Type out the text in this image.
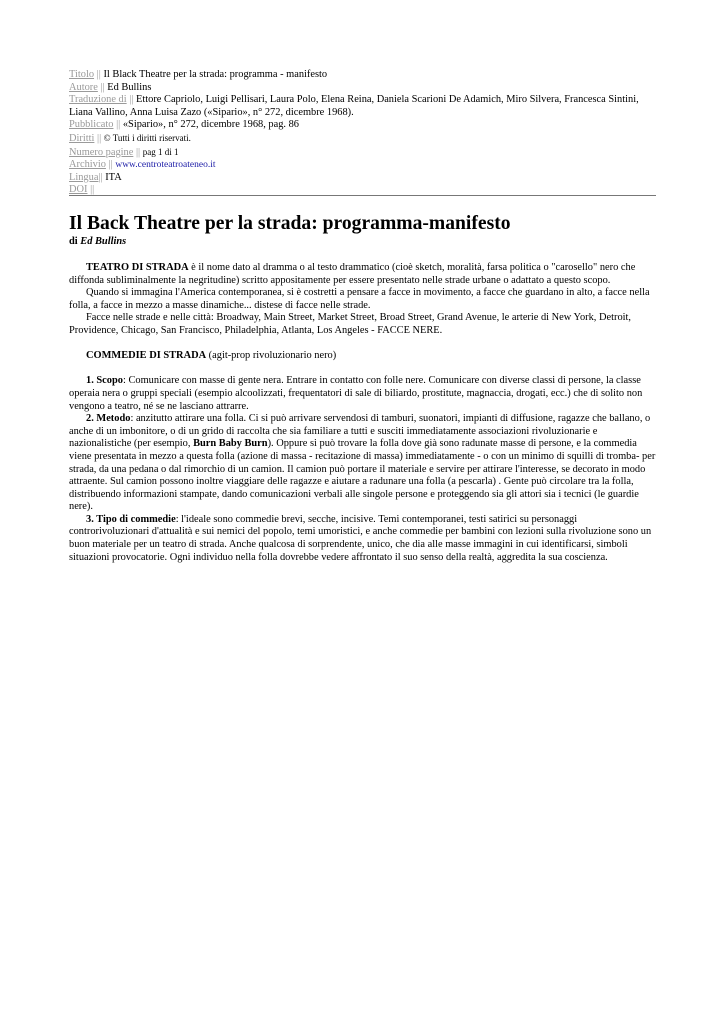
Titolo || Il Black Theatre per la strada: programma - manifesto
Autore || Ed Bullins
Traduzione di || Ettore Capriolo, Luigi Pellisari, Laura Polo, Elena Reina, Daniela Scarioni De Adamich, Miro Silvera, Francesca Sintini, Liana Vallino, Anna Luisa Zazo («Sipario», n° 272, dicembre 1968).
Pubblicato || «Sipario», n° 272, dicembre 1968, pag. 86
Diritti || © Tutti i diritti riservati.
Numero pagine || pag 1 di 1
Archivio || www.centroteatroateneo.it
Lingua|| ITA
DOI ||
Il Back Theatre per la strada: programma-manifesto
di Ed Bullins

TEATRO DI STRADA è il nome dato al dramma o al testo drammatico (cioè sketch, moralità, farsa politica o "carosello" nero che diffonda subliminalmente la negritudine) scritto appositamente per essere presentato nelle strade urbane o adattato a questo scopo.

Quando si immagina l'America contemporanea, si è costretti a pensare a facce in movimento, a facce che guardano in alto, a facce nella folla, a facce in mezzo a masse dinamiche... distese di facce nelle strade.

Facce nelle strade e nelle città: Broadway, Main Street, Market Street, Broad Street, Grand Avenue, le arterie di New York, Detroit, Providence, Chicago, San Francisco, Philadelphia, Atlanta, Los Angeles - FACCE NERE.

COMMEDIE DI STRADA (agit-prop rivoluzionario nero)

1. Scopo: Comunicare con masse di gente nera. Entrare in contatto con folle nere. Comunicare con diverse classi di persone, la classe operaia nera o gruppi speciali (esempio alcoolizzati, frequentatori di sale di biliardo, prostitute, magnaccia, drogati, ecc.) che di solito non vengono a teatro, né se ne lasciano attrarre.

2. Metodo: anzitutto attirare una folla. Ci si può arrivare servendosi di tamburi, suonatori, impianti di diffusione, ragazze che ballano, o anche di un imbonitore, o di un grido di raccolta che sia familiare a tutti e susciti immediatamente associazioni rivoluzionarie e nazionalistiche (per esempio, Burn Baby Burn). Oppure si può trovare la folla dove già sono radunate masse di persone, e la commedia viene presentata in mezzo a questa folla (azione di massa - recitazione di massa) immediatamente - o con un minimo di squilli di tromba- per strada, da una pedana o dal rimorchio di un camion. Il camion può portare il materiale e servire per attirare l'interesse, se decorato in modo attraente. Sul camion possono inoltre viaggiare delle ragazze e aiutare a radunare una folla (a pescarla) . Gente può circolare tra la folla, distribuendo informazioni stampate, dando comunicazioni verbali alle singole persone e proteggendo sia gli attori sia i tecnici (le guardie nere).

3. Tipo di commedie: l'ideale sono commedie brevi, secche, incisive. Temi contemporanei, testi satirici su personaggi controrivoluzionari d'attualità e sui nemici del popolo, temi umoristici, e anche commedie per bambini con lezioni sulla rivoluzione sono un buon materiale per un teatro di strada. Anche qualcosa di sorprendente, unico, che dia alle masse immagini in cui identificarsi, simboli situazioni provocatorie. Ogni individuo nella folla dovrebbe vedere affrontato il suo senso della realtà, aggredita la sua coscienza.
